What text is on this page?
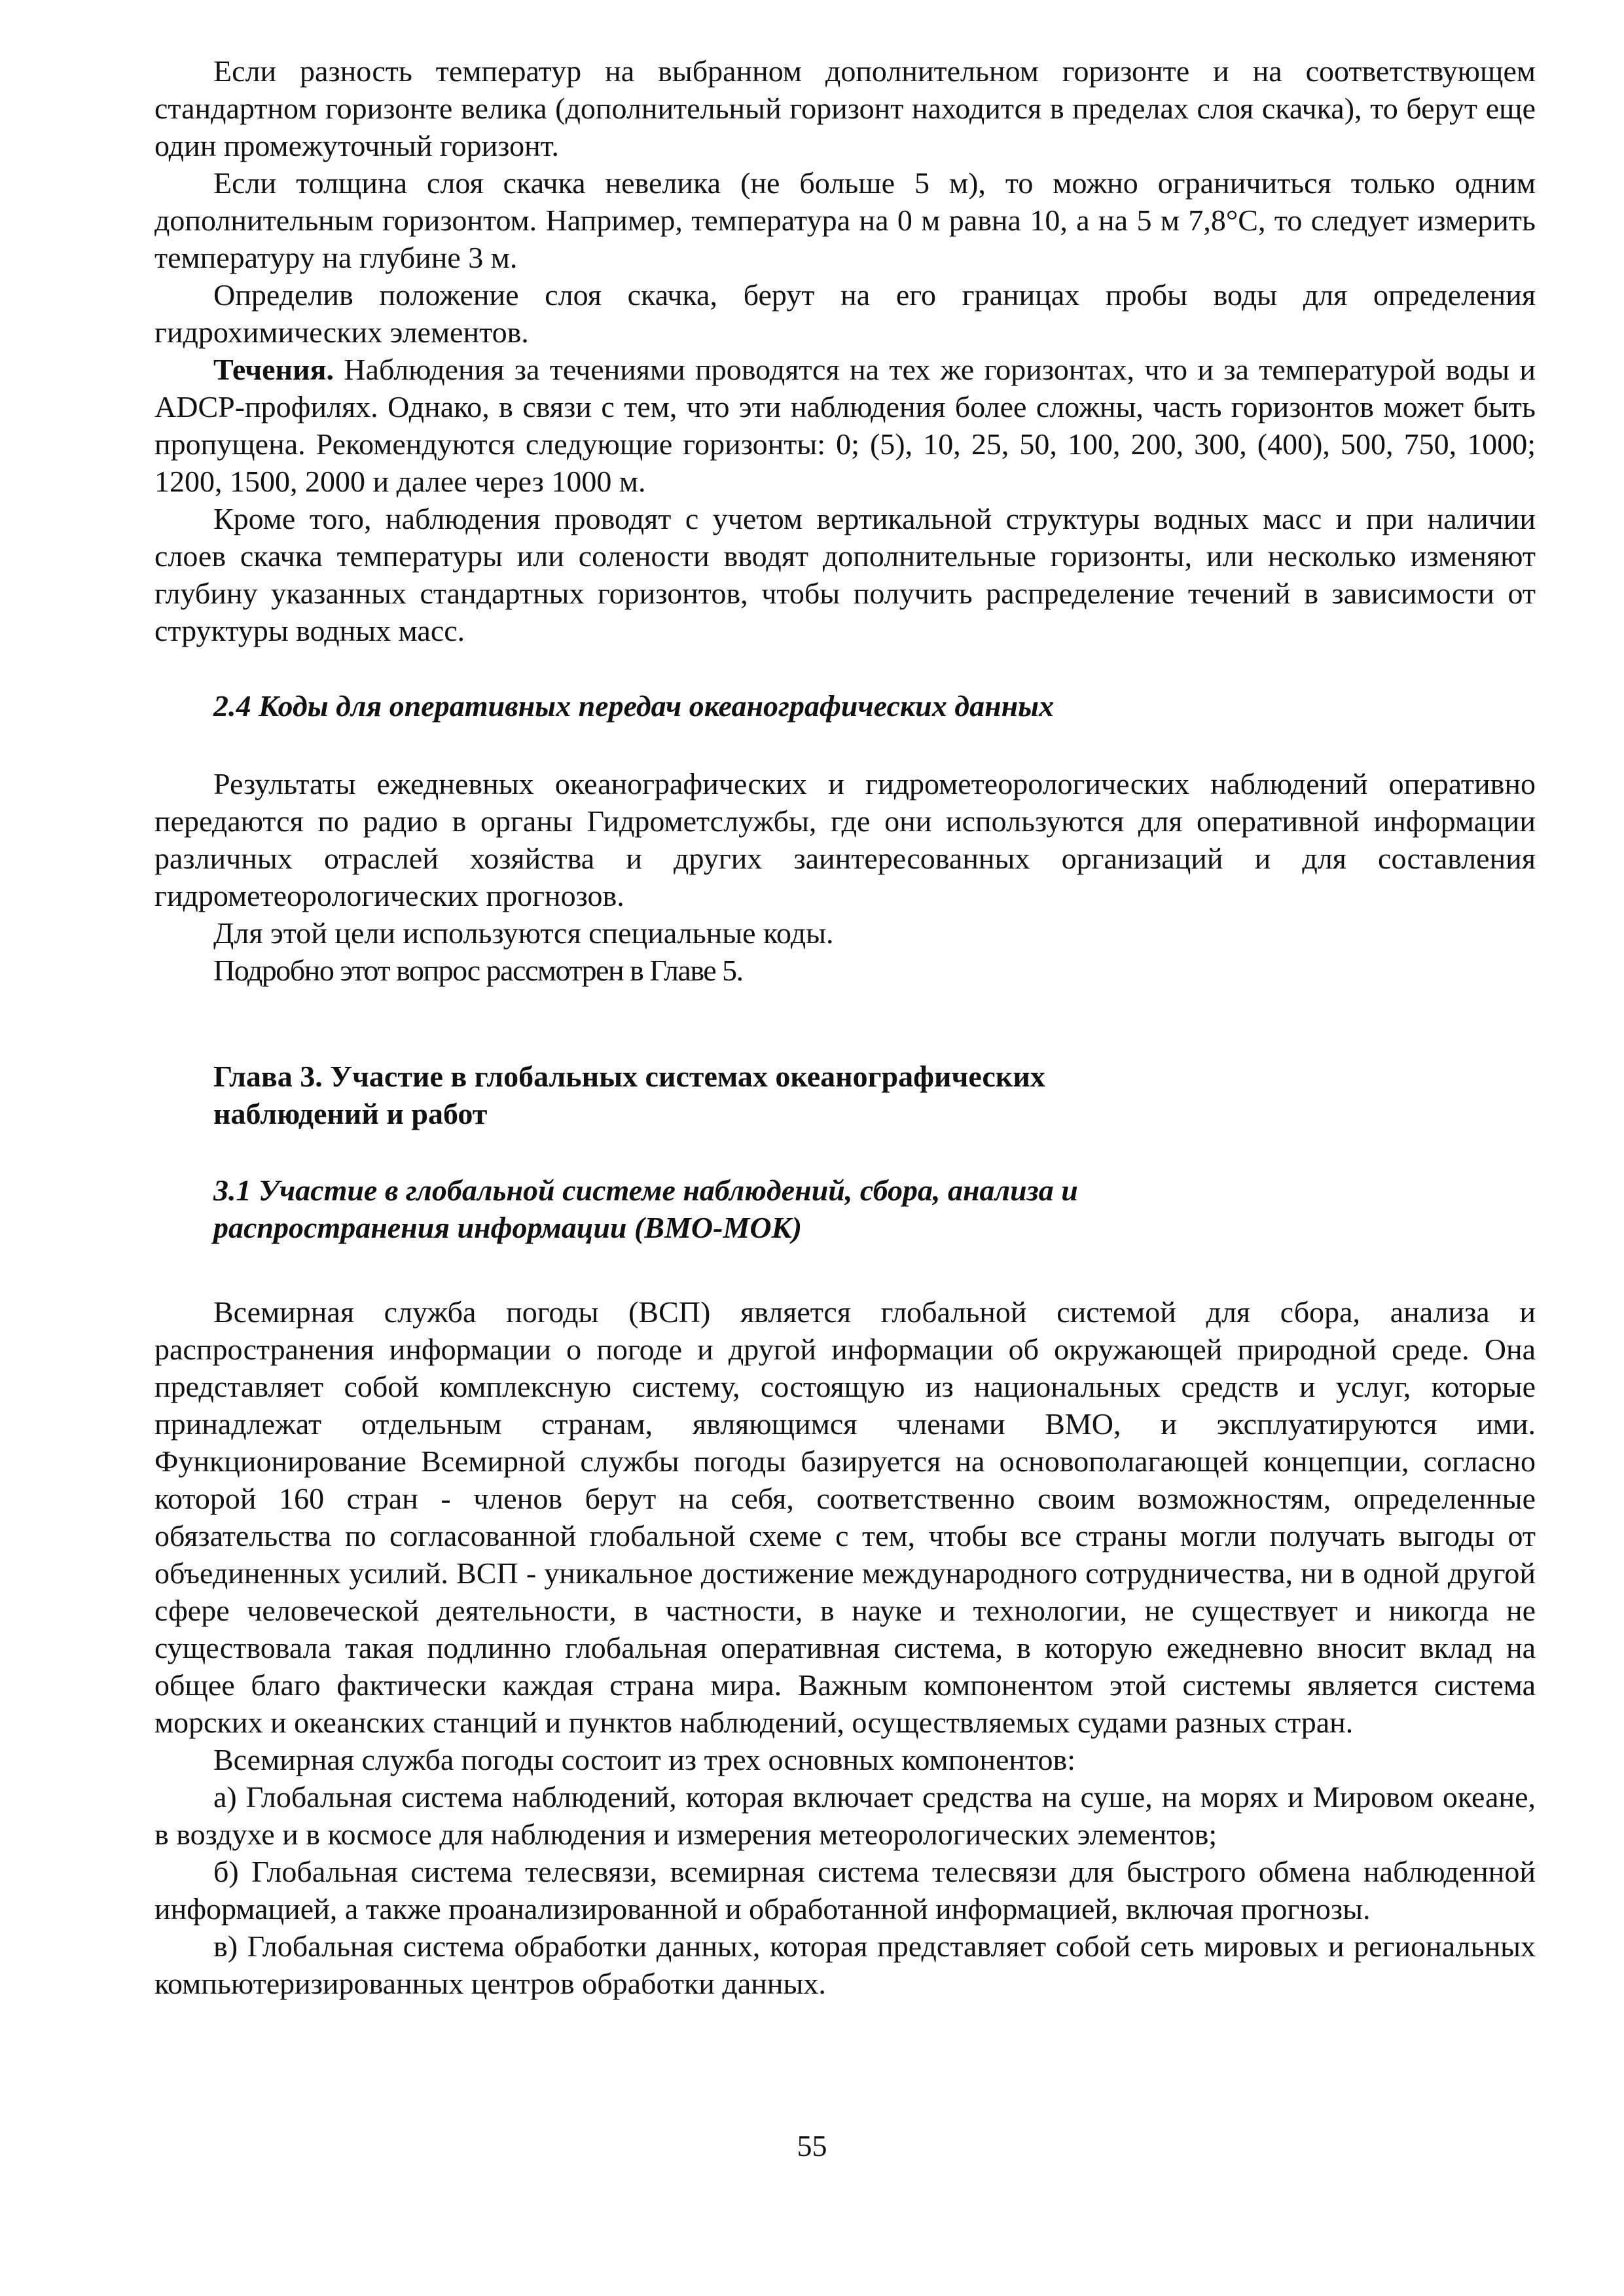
Если разность температур на выбранном дополнительном горизонте и на соответствующем стандартном горизонте велика (дополнительный горизонт находится в пределах слоя скачка), то берут еще один промежуточный горизонт.

Если толщина слоя скачка невелика (не больше 5 м), то можно ограничиться только одним дополнительным горизонтом. Например, температура на 0 м равна 10, а на 5 м 7,8°С, то следует измерить температуру на глубине 3 м.

Определив положение слоя скачка, берут на его границах пробы воды для определения гидрохимических элементов.

Течения. Наблюдения за течениями проводятся на тех же горизонтах, что и за температурой воды и ADCP-профилях. Однако, в связи с тем, что эти наблюдения более сложны, часть горизонтов может быть пропущена. Рекомендуются следующие горизонты: 0; (5), 10, 25, 50, 100, 200, 300, (400), 500, 750, 1000; 1200, 1500, 2000 и далее через 1000 м.

Кроме того, наблюдения проводят с учетом вертикальной структуры водных масс и при наличии слоев скачка температуры или солености вводят дополнительные горизонты, или несколько изменяют глубину указанных стандартных горизонтов, чтобы получить распределение течений в зависимости от структуры водных масс.

2.4 Коды для оперативных передач океанографических данных

Результаты ежедневных океанографических и гидрометеорологических наблюдений оперативно передаются по радио в органы Гидрометслужбы, где они используются для оперативной информации различных отраслей хозяйства и других заинтересованных организаций и для составления гидрометеорологических прогнозов.

Для этой цели используются специальные коды.

Подробно этот вопрос рассмотрен в Главе 5.

Глава 3. Участие в глобальных системах океанографических
наблюдений и работ
3.1 Участие в глобальной системе наблюдений, сбора, анализа и
распространения информации (ВМО-МОК)

Всемирная служба погоды (ВСП) является глобальной системой для сбора, анализа и распространения информации о погоде и другой информации об окружающей природной среде. Она представляет собой комплексную систему, состоящую из национальных средств и услуг, которые принадлежат отдельным странам, являющимся членами ВМО, и эксплуатируются ими. Функционирование Всемирной службы погоды базируется на основополагающей концепции, согласно которой 160 стран - членов берут на себя, соответственно своим возможностям, определенные обязательства по согласованной глобальной схеме с тем, чтобы все страны могли получать выгоды от объединенных усилий. ВСП - уникальное достижение международного сотрудничества, ни в одной другой сфере человеческой деятельности, в частности, в науке и технологии, не существует и никогда не существовала такая подлинно глобальная оперативная система, в которую ежедневно вносит вклад на общее благо фактически каждая страна мира. Важным компонентом этой системы является система морских и океанских станций и пунктов наблюдений, осуществляемых судами разных стран.

Всемирная служба погоды состоит из трех основных компонентов:

а) Глобальная система наблюдений, которая включает средства на суше, на морях и Мировом океане, в воздухе и в космосе для наблюдения и измерения метеорологических элементов;

б) Глобальная система телесвязи, всемирная система телесвязи для быстрого обмена наблюденной информацией, а также проанализированной и обработанной информацией, включая прогнозы.

в) Глобальная система обработки данных, которая представляет собой сеть мировых и региональных компьютеризированных центров обработки данных.

55
